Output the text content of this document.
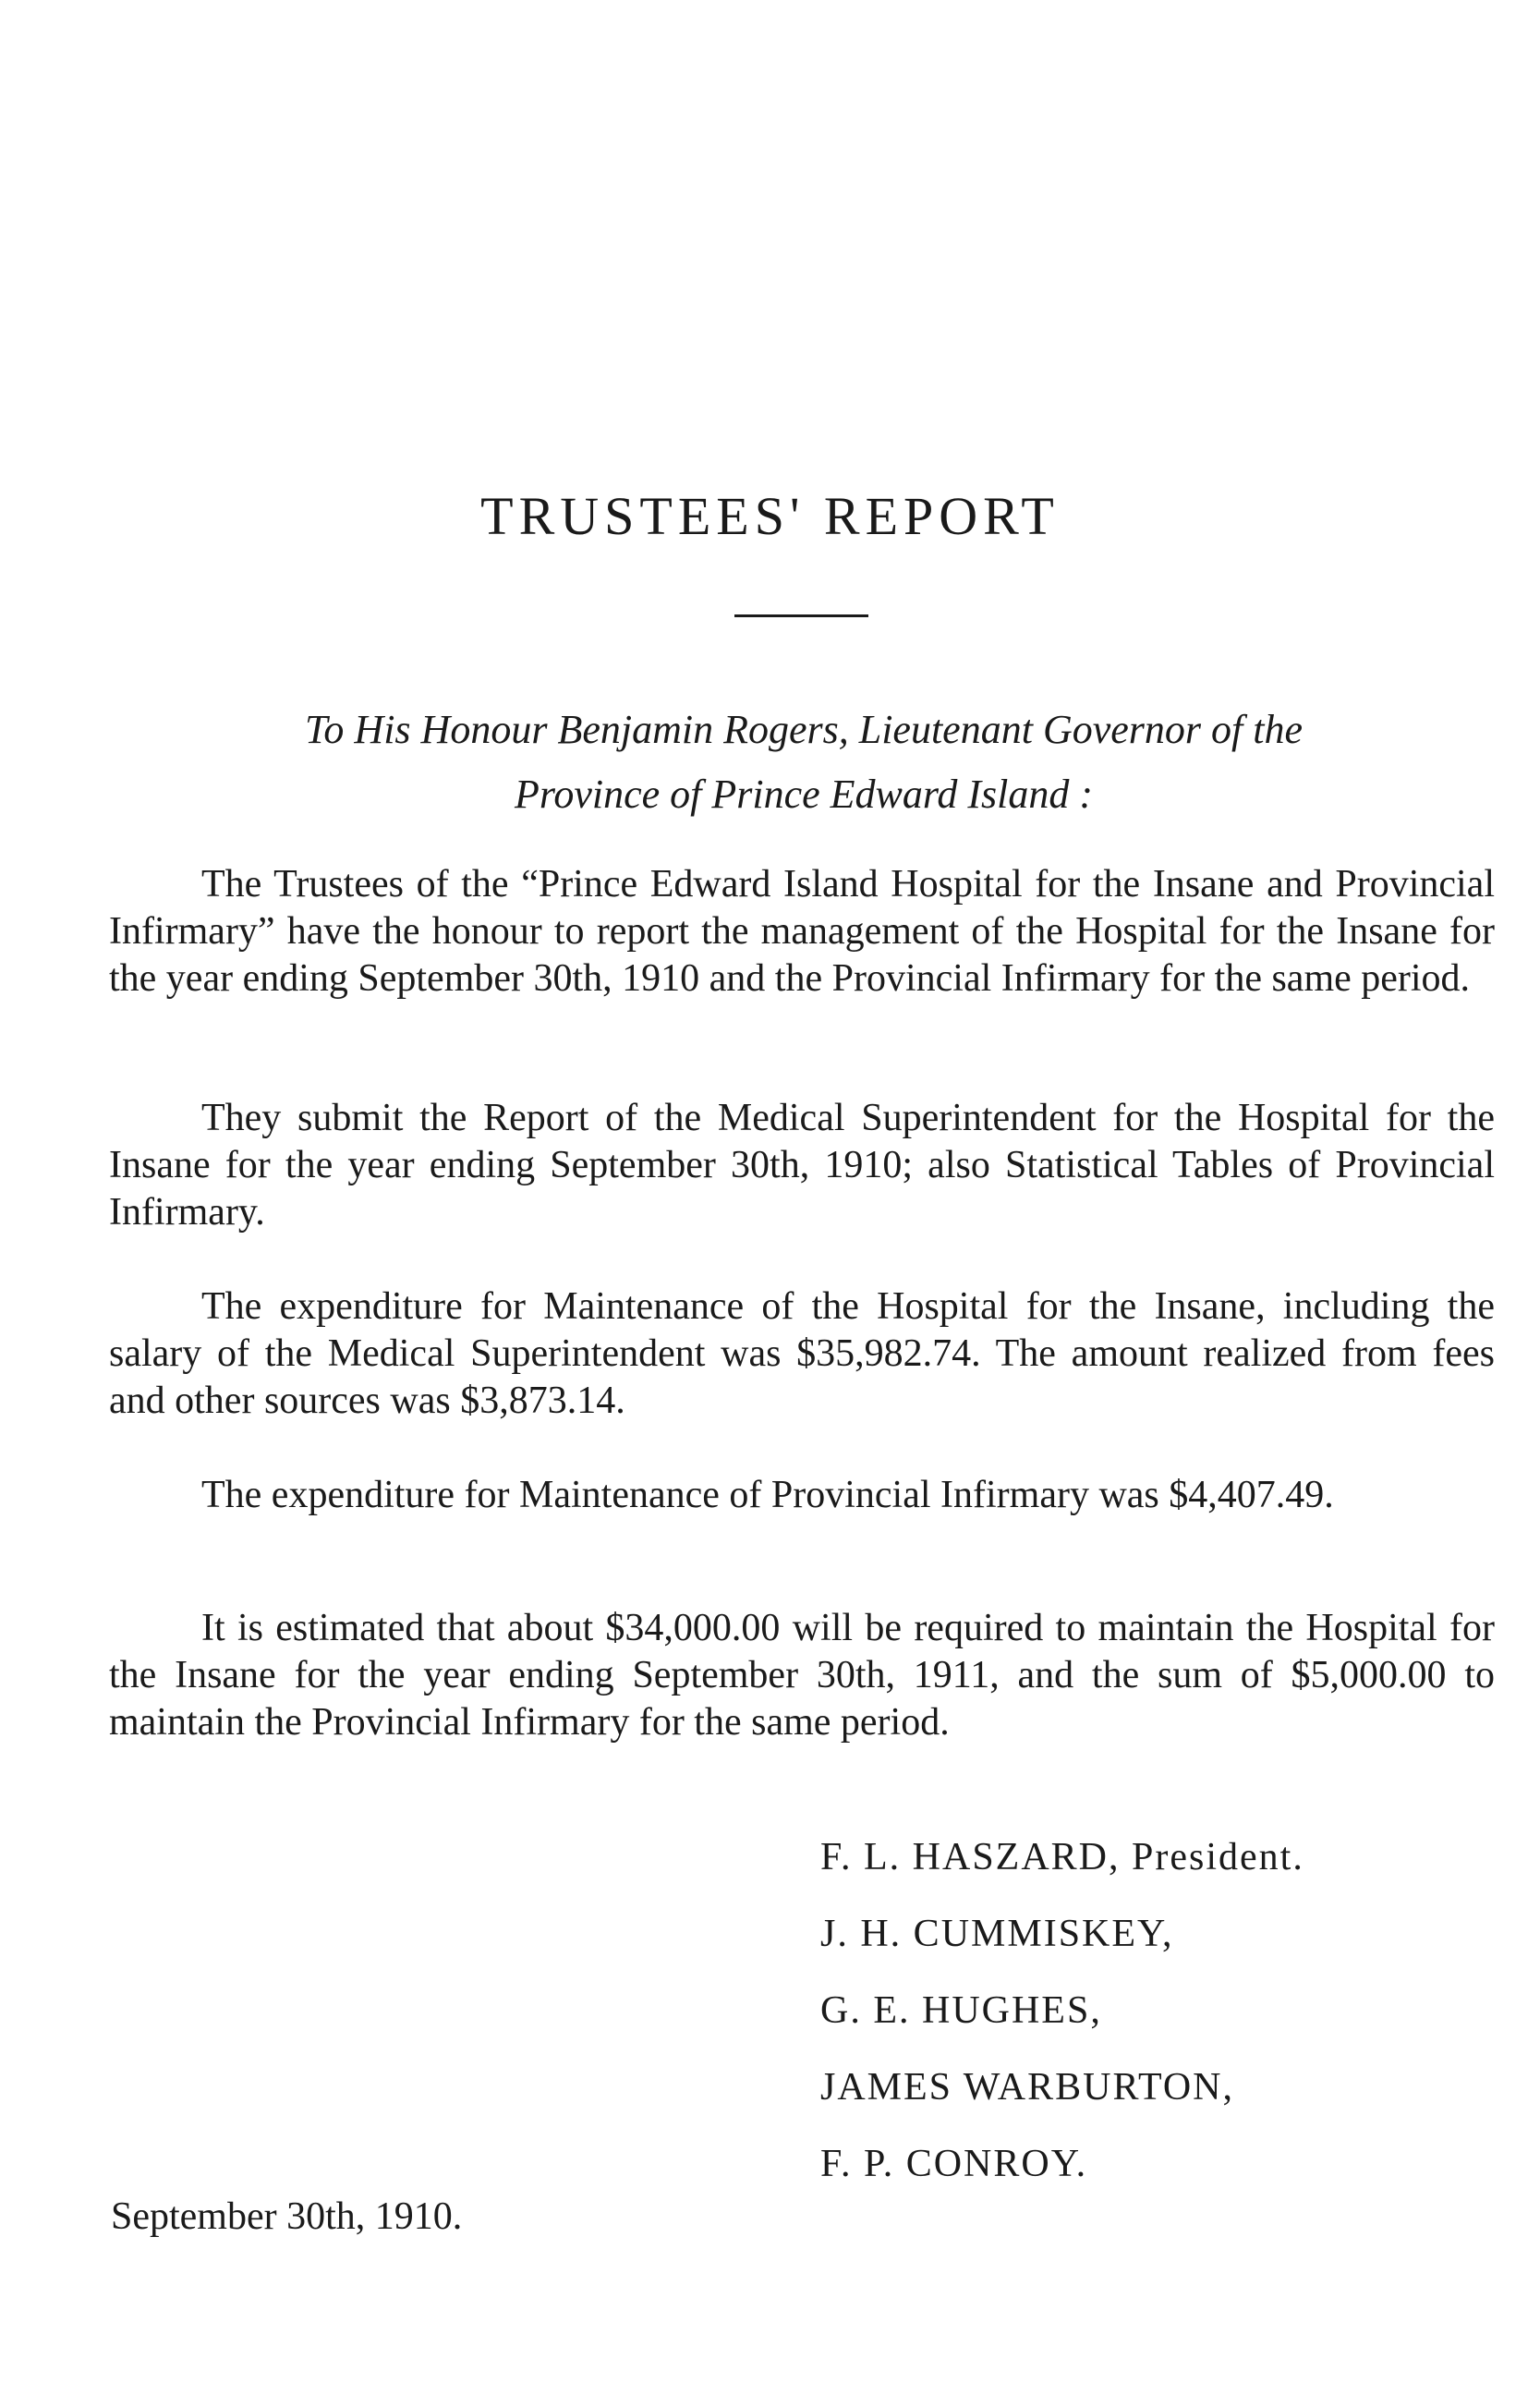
TRUSTEES' REPORT

To His Honour Benjamin Rogers, Lieutenant Governor of the
Province of Prince Edward Island :

The Trustees of the “Prince Edward Island Hospital for the Insane and Provincial Infirmary” have the honour to report the management of the Hospital for the Insane for the year ending September 30th, 1910 and the Provincial Infirmary for the same period.

They submit the Report of the Medical Superintendent for the Hospital for the Insane for the year ending September 30th, 1910; also Statistical Tables of Provincial Infirmary.

The expenditure for Maintenance of the Hospital for the Insane, including the salary of the Medical Superintendent was $35,982.74. The amount realized from fees and other sources was $3,873.14.

The expenditure for Maintenance of Provincial Infirmary was $4,407.49.

It is estimated that about $34,000.00 will be required to maintain the Hospital for the Insane for the year ending September 30th, 1911, and the sum of $5,000.00 to maintain the Provincial Infirmary for the same period.

F. L. HASZARD, President.
J. H. CUMMISKEY,
G. E. HUGHES,
JAMES WARBURTON,
F. P. CONROY.

September 30th, 1910.
